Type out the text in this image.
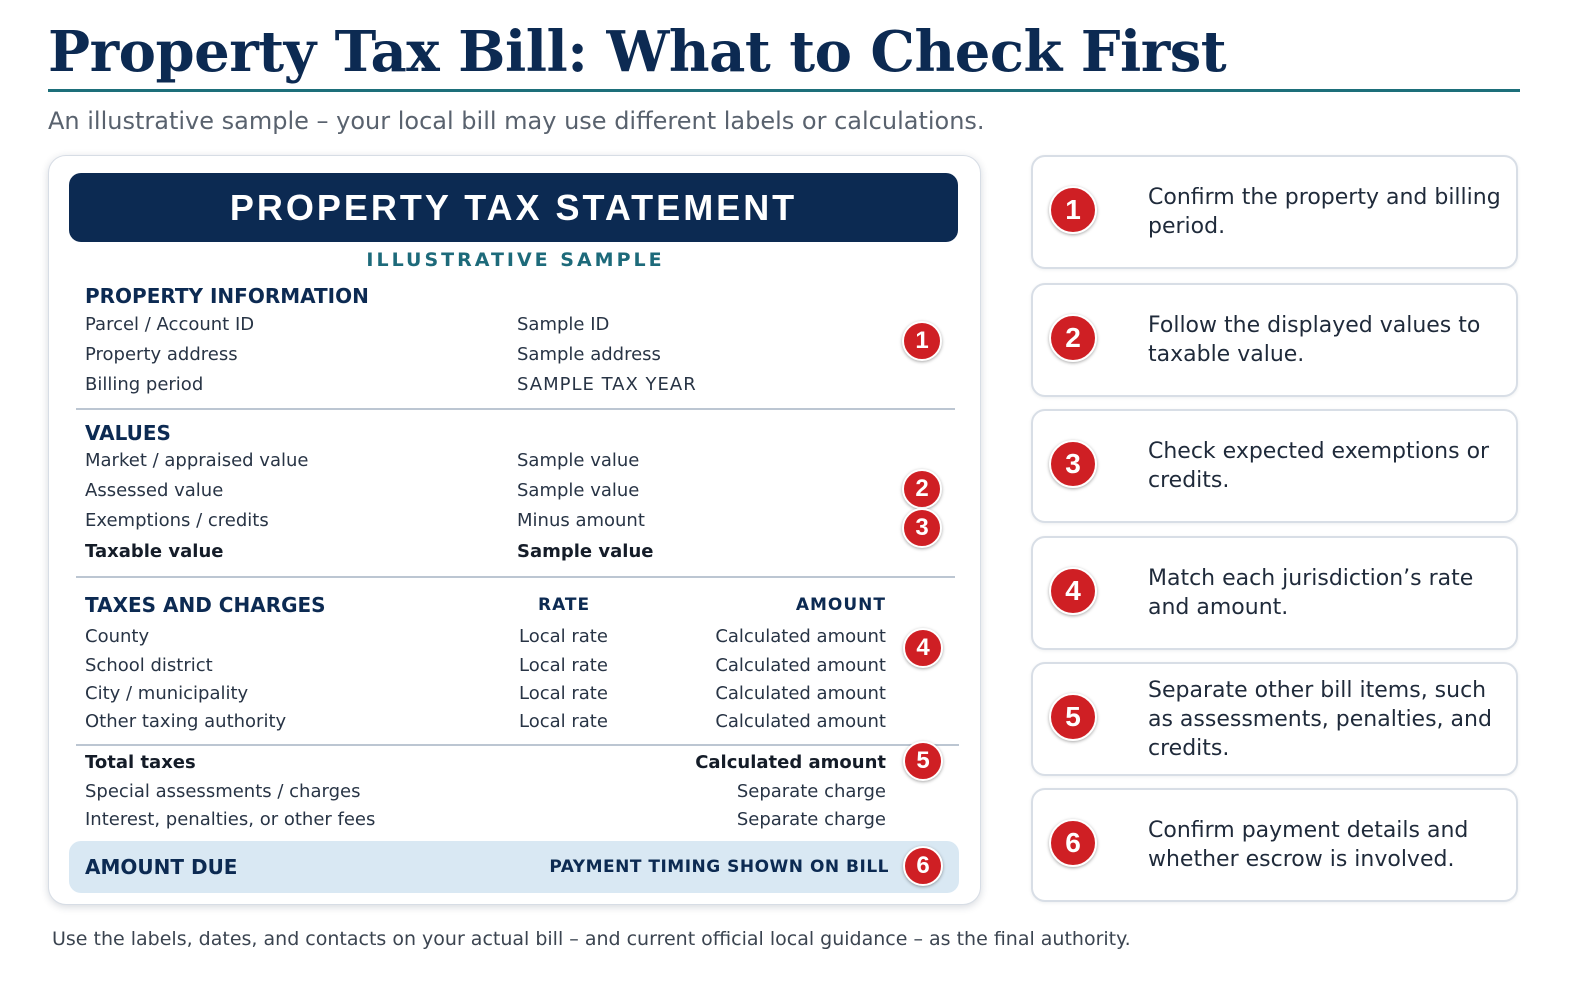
Property Tax Bill: What to Check First
An illustrative sample – your local bill may use different labels or calculations.
PROPERTY TAX STATEMENT
ILLUSTRATIVE SAMPLE
PROPERTY INFORMATION
Parcel / Account ID	Sample ID
Property address	Sample address
Billing period	SAMPLE TAX YEAR
1
VALUES
Market / appraised value	Sample value
Assessed value	Sample value
Exemptions / credits	Minus amount
Taxable value	Sample value
2
3
TAXES AND CHARGES	RATE	AMOUNT
County	Local rate	Calculated amount
School district	Local rate	Calculated amount
City / municipality	Local rate	Calculated amount
Other taxing authority	Local rate	Calculated amount
4
Total taxes	Calculated amount
Special assessments / charges	Separate charge
Interest, penalties, or other fees	Separate charge
5
AMOUNT DUE	PAYMENT TIMING SHOWN ON BILL	6
1	Confirm the property and billing period.
2	Follow the displayed values to taxable value.
3	Check expected exemptions or credits.
4	Match each jurisdiction’s rate and amount.
5
Separate other bill items, such as assessments, penalties, and credits.
6	Confirm payment details and whether escrow is involved.
Use the labels, dates, and contacts on your actual bill – and current official local guidance – as the final authority.
